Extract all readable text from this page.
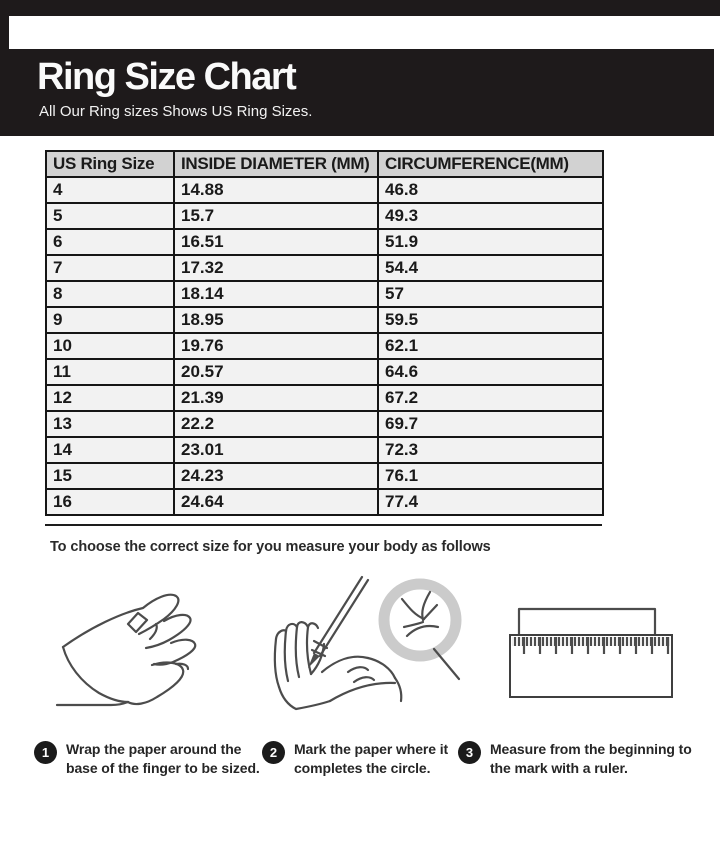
Ring Size Chart

All Our Ring sizes Shows US Ring Sizes.

US Ring Size	INSIDE DIAMETER (MM)	CIRCUMFERENCE(MM)
4	14.88	46.8
5	15.7	49.3
6	16.51	51.9
7	17.32	54.4
8	18.14	57
9	18.95	59.5
10	19.76	62.1
11	20.57	64.6
12	21.39	67.2
13	22.2	69.7
14	23.01	72.3
15	24.23	76.1
16	24.64	77.4

To choose the correct size for you measure your body as follows

1	Wrap the paper around the base of the finger to be sized.
2	Mark the paper where it completes the circle.
3	Measure from the beginning to the mark with a ruler.
